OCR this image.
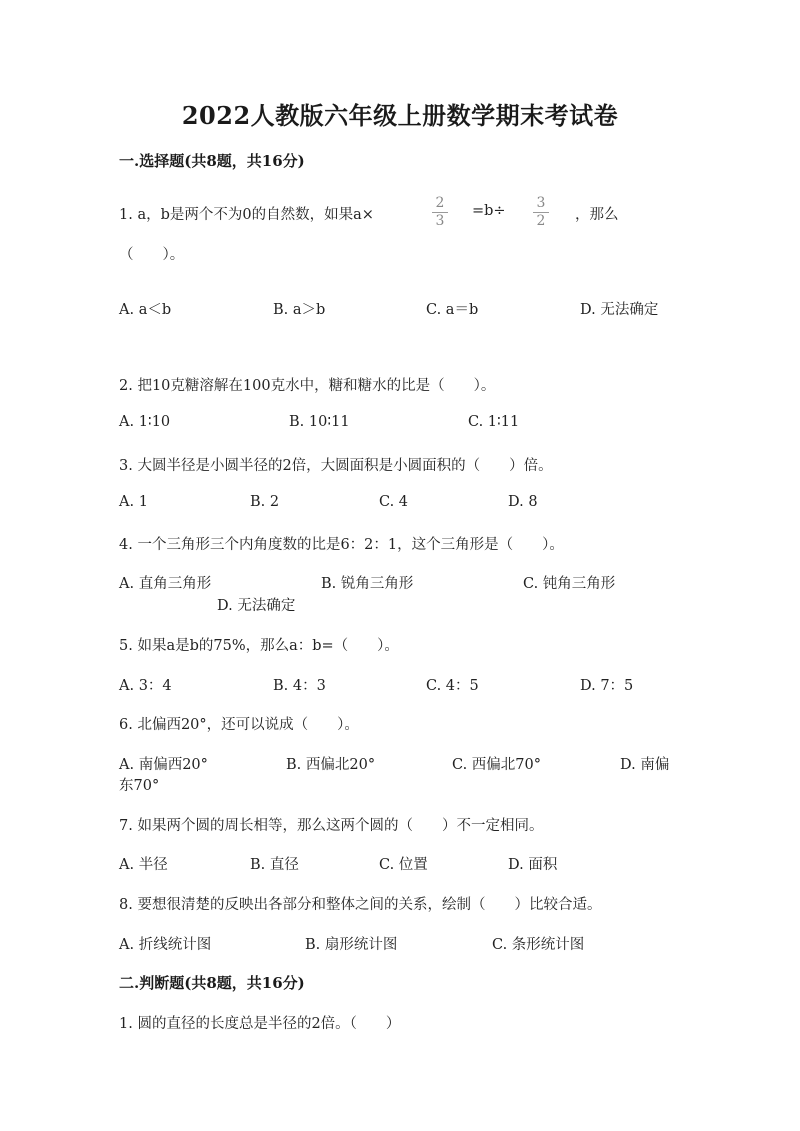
2022人教版六年级上册数学期末考试卷
一.选择题(共8题，共16分)
1. a，b是两个不为0的自然数，如果a×
2
3
=b÷ 3
2 ，那么
（　　）。
A. a＜b	B. a＞b	C. a＝b	D. 无法确定
2. 把10克糖溶解在100克水中，糖和糖水的比是（　　）。
A. 1∶10	B. 10∶11	C. 1∶11
3. 大圆半径是小圆半径的2倍，大圆面积是小圆面积的（　　）倍。
A. 1	B. 2	C. 4	D. 8
4. 一个三角形三个内角度数的比是6：2：1，这个三角形是（　　）。
A. 直角三角形	B. 锐角三角形	C. 钝角三角形
D. 无法确定
5. 如果a是b的75%，那么a：b=（　　）。
A. 3：4	B. 4：3	C. 4：5	D. 7：5
6. 北偏西20°，还可以说成（　　）。
A. 南偏西20°	B. 西偏北20°	C. 西偏北70°	D. 南偏
东70°
7. 如果两个圆的周长相等，那么这两个圆的（　　）不一定相同。
A. 半径	B. 直径	C. 位置	D. 面积
8. 要想很清楚的反映出各部分和整体之间的关系，绘制（　　）比较合适。
A. 折线统计图	B. 扇形统计图	C. 条形统计图
二.判断题(共8题，共16分)
1. 圆的直径的长度总是半径的2倍。（　　）
